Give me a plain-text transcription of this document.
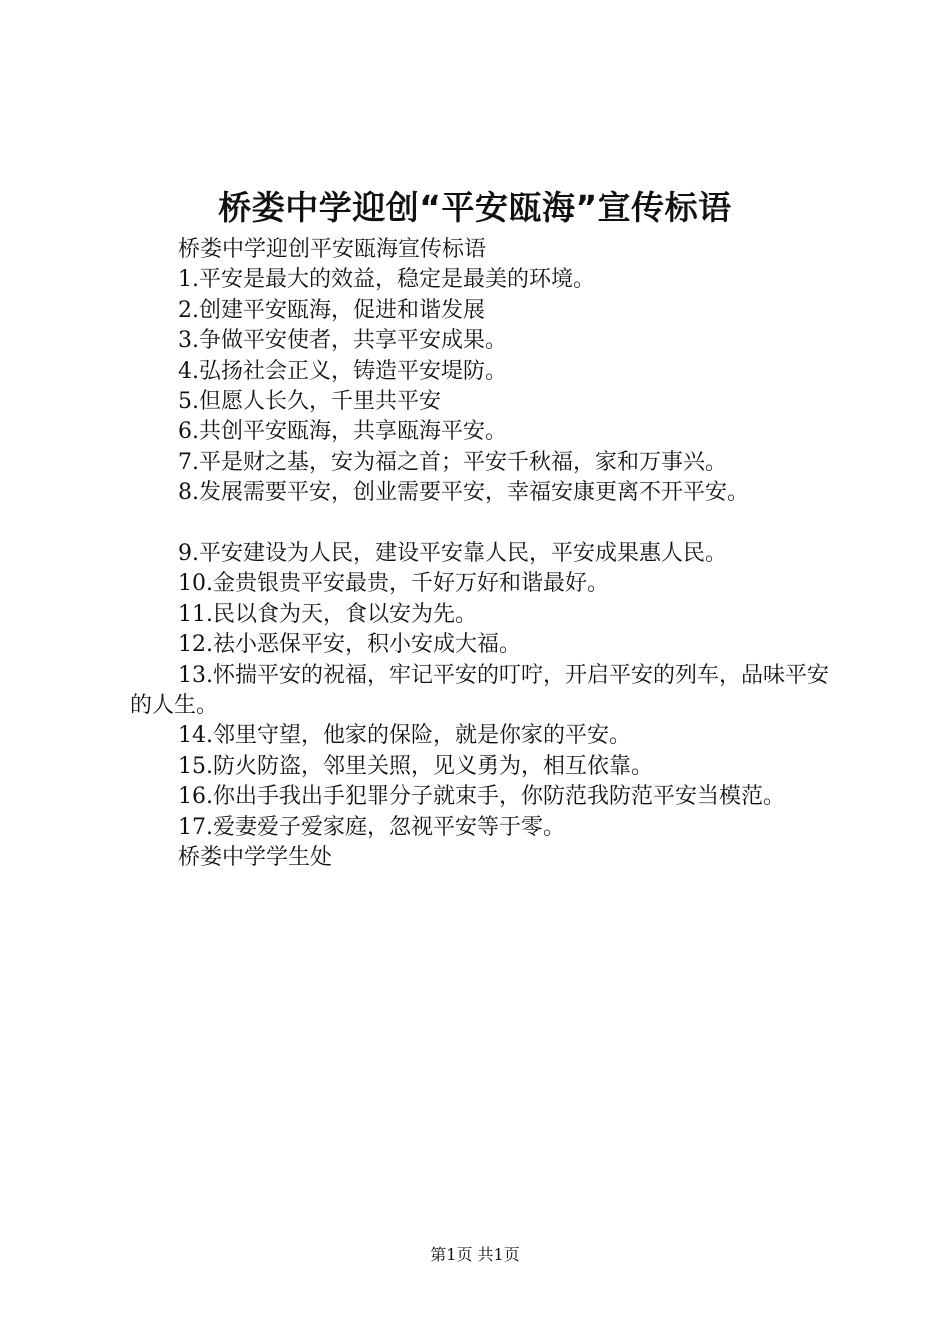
桥娄中学迎创“平安瓯海”宣传标语

桥娄中学迎创平安瓯海宣传标语

1.平安是最大的效益，稳定是最美的环境。

2.创建平安瓯海，促进和谐发展

3.争做平安使者，共享平安成果。

4.弘扬社会正义，铸造平安堤防。

5.但愿人长久，千里共平安

6.共创平安瓯海，共享瓯海平安。

7.平是财之基，安为福之首；平安千秋福，家和万事兴。

8.发展需要平安，创业需要平安，幸福安康更离不开平安。

9.平安建设为人民，建设平安靠人民，平安成果惠人民。

10.金贵银贵平安最贵，千好万好和谐最好。

11.民以食为天，食以安为先。

12.祛小恶保平安，积小安成大福。

13.怀揣平安的祝福，牢记平安的叮咛，开启平安的列车，品味平安的人生。

14.邻里守望，他家的保险，就是你家的平安。

15.防火防盗，邻里关照，见义勇为，相互依靠。

16.你出手我出手犯罪分子就束手，你防范我防范平安当模范。

17.爱妻爱子爱家庭，忽视平安等于零。

桥娄中学学生处

第1页 共1页
